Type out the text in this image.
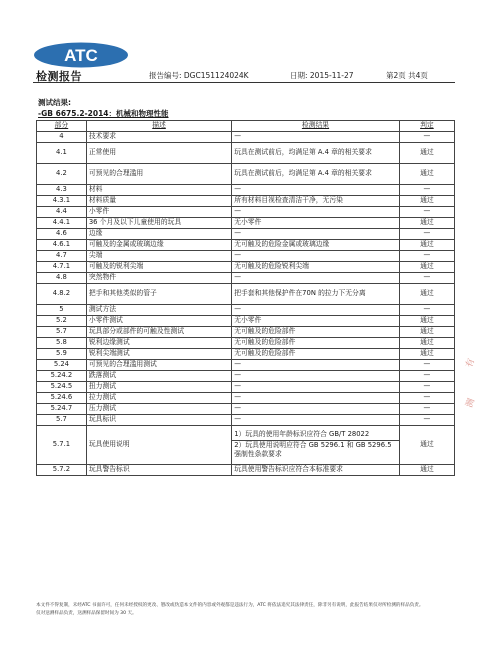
ATC
检测报告	报告编号: DGC151124024K	日期: 2015-11-27	第2页 共4页
测试结果:
-GB 6675.2-2014：机械和物理性能
部分	描述	检测结果	判定
4	技术要求	—	—
4.1	正常使用	玩具在测试前后，均满足第 A.4 章的相关要求	通过
4.2	可预见的合理滥用	玩具在测试前后，均满足第 A.4 章的相关要求	通过
4.3	材料	—	—
4.3.1	材料质量	所有材料目视检查清洁干净，无污染	通过
4.4	小零件	—	—
4.4.1	36 个月及以下儿童使用的玩具	无小零件	通过
4.6	边缘	—	—
4.6.1	可触及的金属或玻璃边缘	无可触及的危险金属或玻璃边缘	通过
4.7	尖端	—	—
4.7.1	可触及的锐利尖端	无可触及的危险锐利尖端	通过
4.8	突然物件	—	—
4.8.2	把手和其他类似的管子	把手套和其他保护件在70N 的拉力下无分离	通过
5	测试方法	—	—
5.2	小零件测试	无小零件	通过
5.7	玩具部分或部件的可触及性测试	无可触及的危险部件	通过
5.8	锐利边缘测试	无可触及的危险部件	通过
5.9	锐利尖端测试	无可触及的危险部件	通过
5.24	可预见的合理滥用测试	—	—
5.24.2	跌落测试	—	—
5.24.5	扭力测试	—	—
5.24.6	拉力测试	—	—
5.24.7	压力测试	—	—
5.7	玩具标识	—	—
5.7.1	玩具使用说明	1）玩具的使用年龄标识应符合 GB/T 28022
2）玩具使用说明应符合 GB 5296.1 和 GB 5296.5 强制性条款要求	通过
5.7.2	玩具警告标识	玩具使用警告标识应符合本标准要求	通过
本文件不得复制，未经ATC 书面许可，任何未经授权的更改、篡改或伪造本文件的内容或外观都是违法行为，ATC 将依法追究其法律责任，除非另有说明，此报告结果仅对所检测的样品负责。
仅对送测样品负责，送测样品保留时间为 30 天。
有
测
